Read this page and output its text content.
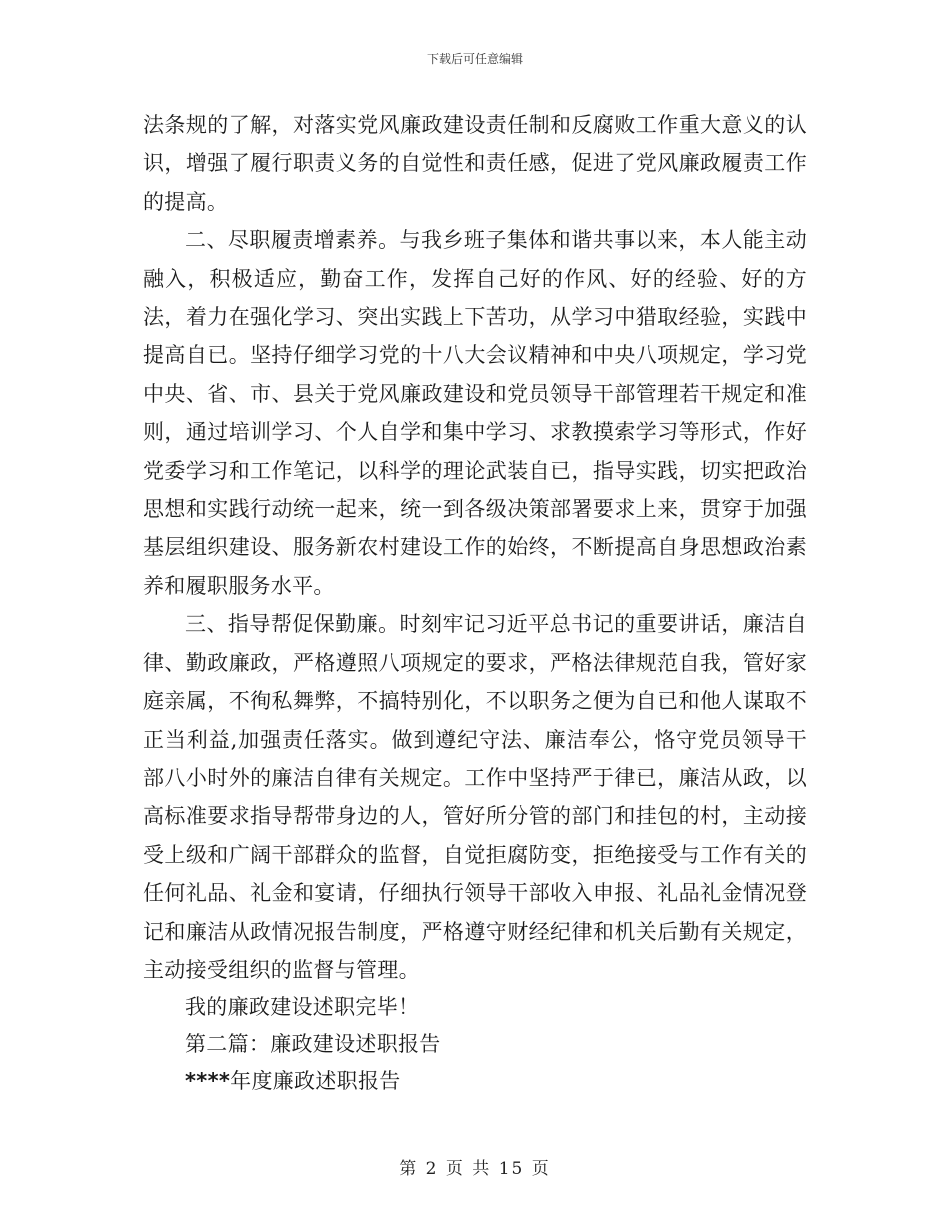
下载后可任意编辑

法条规的了解，对落实党风廉政建设责任制和反腐败工作重大意义的认识，增强了履行职责义务的自觉性和责任感，促进了党风廉政履责工作的提高。

二、尽职履责增素养。与我乡班子集体和谐共事以来，本人能主动融入，积极适应，勤奋工作，发挥自己好的作风、好的经验、好的方法，着力在强化学习、突出实践上下苦功，从学习中猎取经验，实践中提高自已。坚持仔细学习党的十八大会议精神和中央八项规定，学习党中央、省、市、县关于党风廉政建设和党员领导干部管理若干规定和准则，通过培训学习、个人自学和集中学习、求教摸索学习等形式，作好党委学习和工作笔记，以科学的理论武装自已，指导实践，切实把政治思想和实践行动统一起来，统一到各级决策部署要求上来，贯穿于加强基层组织建设、服务新农村建设工作的始终，不断提高自身思想政治素养和履职服务水平。

三、指导帮促保勤廉。时刻牢记习近平总书记的重要讲话，廉洁自律、勤政廉政，严格遵照八项规定的要求，严格法律规范自我，管好家庭亲属，不徇私舞弊，不搞特别化，不以职务之便为自已和他人谋取不正当利益,加强责任落实。做到遵纪守法、廉洁奉公，恪守党员领导干部八小时外的廉洁自律有关规定。工作中坚持严于律已，廉洁从政，以高标准要求指导帮带身边的人，管好所分管的部门和挂包的村，主动接受上级和广阔干部群众的监督，自觉拒腐防变，拒绝接受与工作有关的任何礼品、礼金和宴请，仔细执行领导干部收入申报、礼品礼金情况登记和廉洁从政情况报告制度，严格遵守财经纪律和机关后勤有关规定，主动接受组织的监督与管理。

我的廉政建设述职完毕！

第二篇：廉政建设述职报告

****年度廉政述职报告

第 2 页 共 15 页
